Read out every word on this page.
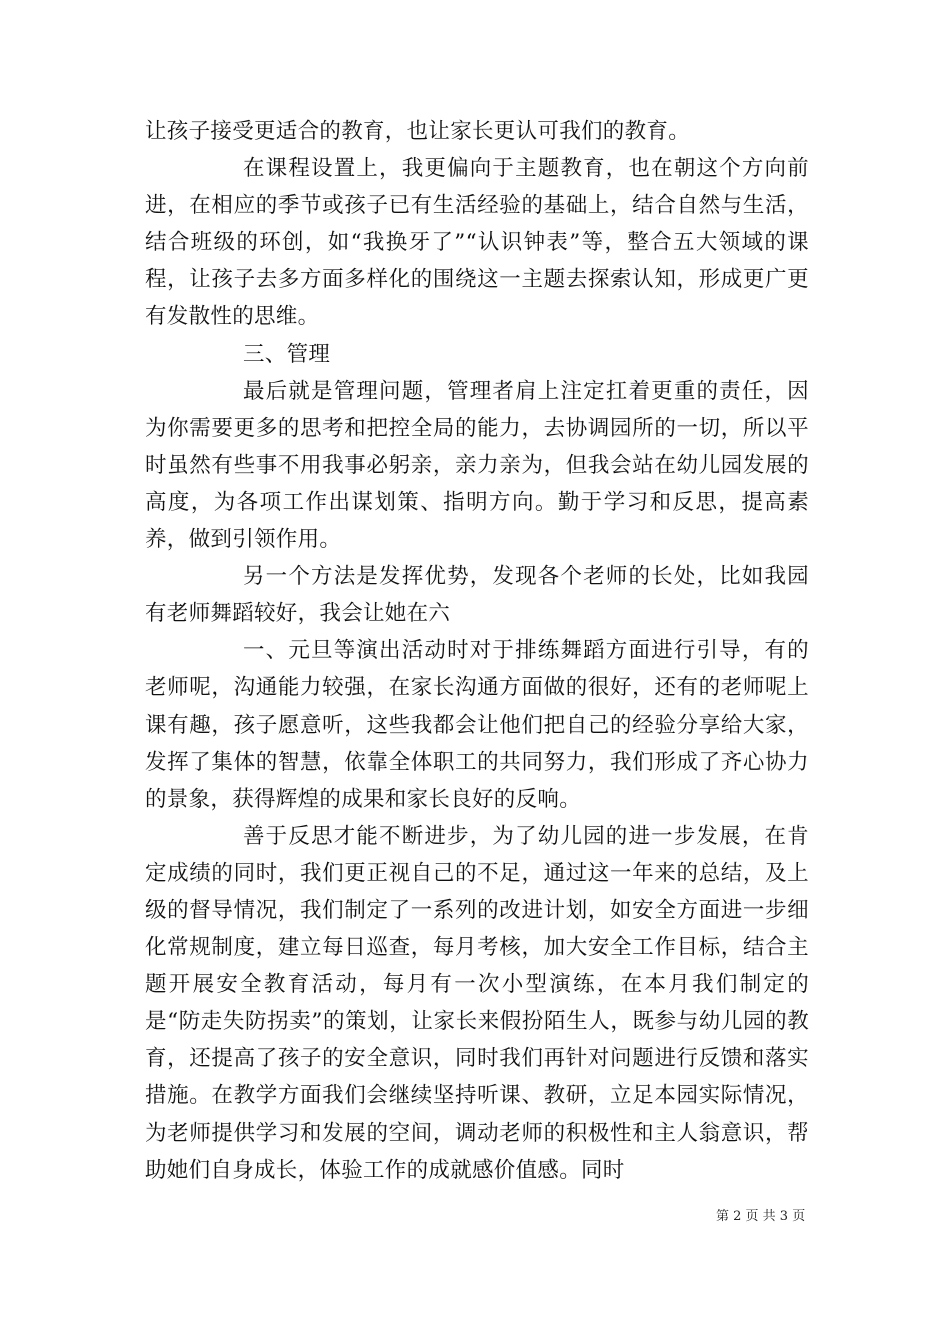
让孩子接受更适合的教育，也让家长更认可我们的教育。

在课程设置上，我更偏向于主题教育，也在朝这个方向前进，在相应的季节或孩子已有生活经验的基础上，结合自然与生活，结合班级的环创，如“我换牙了”“认识钟表”等，整合五大领域的课程，让孩子去多方面多样化的围绕这一主题去探索认知，形成更广更有发散性的思维。

三、管理

最后就是管理问题，管理者肩上注定扛着更重的责任，因为你需要更多的思考和把控全局的能力，去协调园所的一切，所以平时虽然有些事不用我事必躬亲，亲力亲为，但我会站在幼儿园发展的高度，为各项工作出谋划策、指明方向。勤于学习和反思，提高素养，做到引领作用。

另一个方法是发挥优势，发现各个老师的长处，比如我园有老师舞蹈较好，我会让她在六

一、元旦等演出活动时对于排练舞蹈方面进行引导，有的老师呢，沟通能力较强，在家长沟通方面做的很好，还有的老师呢上课有趣，孩子愿意听，这些我都会让他们把自己的经验分享给大家，发挥了集体的智慧，依靠全体职工的共同努力，我们形成了齐心协力的景象，获得辉煌的成果和家长良好的反响。

善于反思才能不断进步，为了幼儿园的进一步发展，在肯定成绩的同时，我们更正视自己的不足，通过这一年来的总结，及上级的督导情况，我们制定了一系列的改进计划，如安全方面进一步细化常规制度，建立每日巡查，每月考核，加大安全工作目标，结合主题开展安全教育活动，每月有一次小型演练，在本月我们制定的是“防走失防拐卖”的策划，让家长来假扮陌生人，既参与幼儿园的教育，还提高了孩子的安全意识，同时我们再针对问题进行反馈和落实措施。在教学方面我们会继续坚持听课、教研，立足本园实际情况，为老师提供学习和发展的空间，调动老师的积极性和主人翁意识，帮助她们自身成长，体验工作的成就感价值感。同时

第 2 页 共 3 页
